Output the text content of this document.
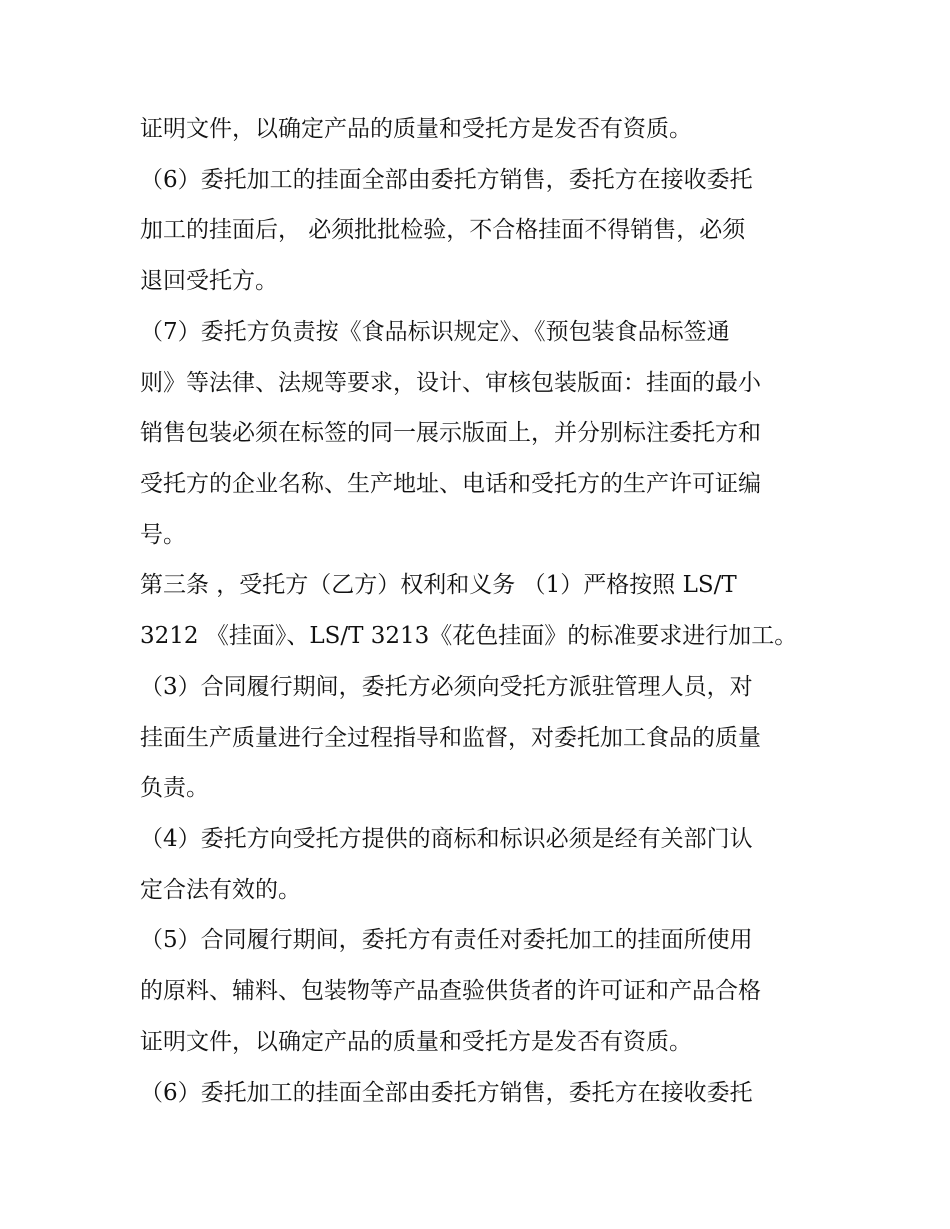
证明文件，以确定产品的质量和受托方是发否有资质。
（6）委托加工的挂面全部由委托方销售，委托方在接收委托
加工的挂面后， 必须批批检验，不合格挂面不得销售，必须
退回受托方。
（7）委托方负责按《食品标识规定》、《预包装食品标签通
则》等法律、法规等要求，设计、审核包装版面：挂面的最小
销售包装必须在标签的同一展示版面上，并分别标注委托方和
受托方的企业名称、生产地址、电话和受托方的生产许可证编
号。
第三条 ，受托方（乙方）权利和义务 （1）严格按照 LS/T
3212 《挂面》、LS/T 3213《花色挂面》的标准要求进行加工。
（3）合同履行期间，委托方必须向受托方派驻管理人员，对
挂面生产质量进行全过程指导和监督，对委托加工食品的质量
负责。
（4）委托方向受托方提供的商标和标识必须是经有关部门认
定合法有效的。
（5）合同履行期间，委托方有责任对委托加工的挂面所使用
的原料、辅料、包装物等产品查验供货者的许可证和产品合格
证明文件，以确定产品的质量和受托方是发否有资质。
（6）委托加工的挂面全部由委托方销售，委托方在接收委托
